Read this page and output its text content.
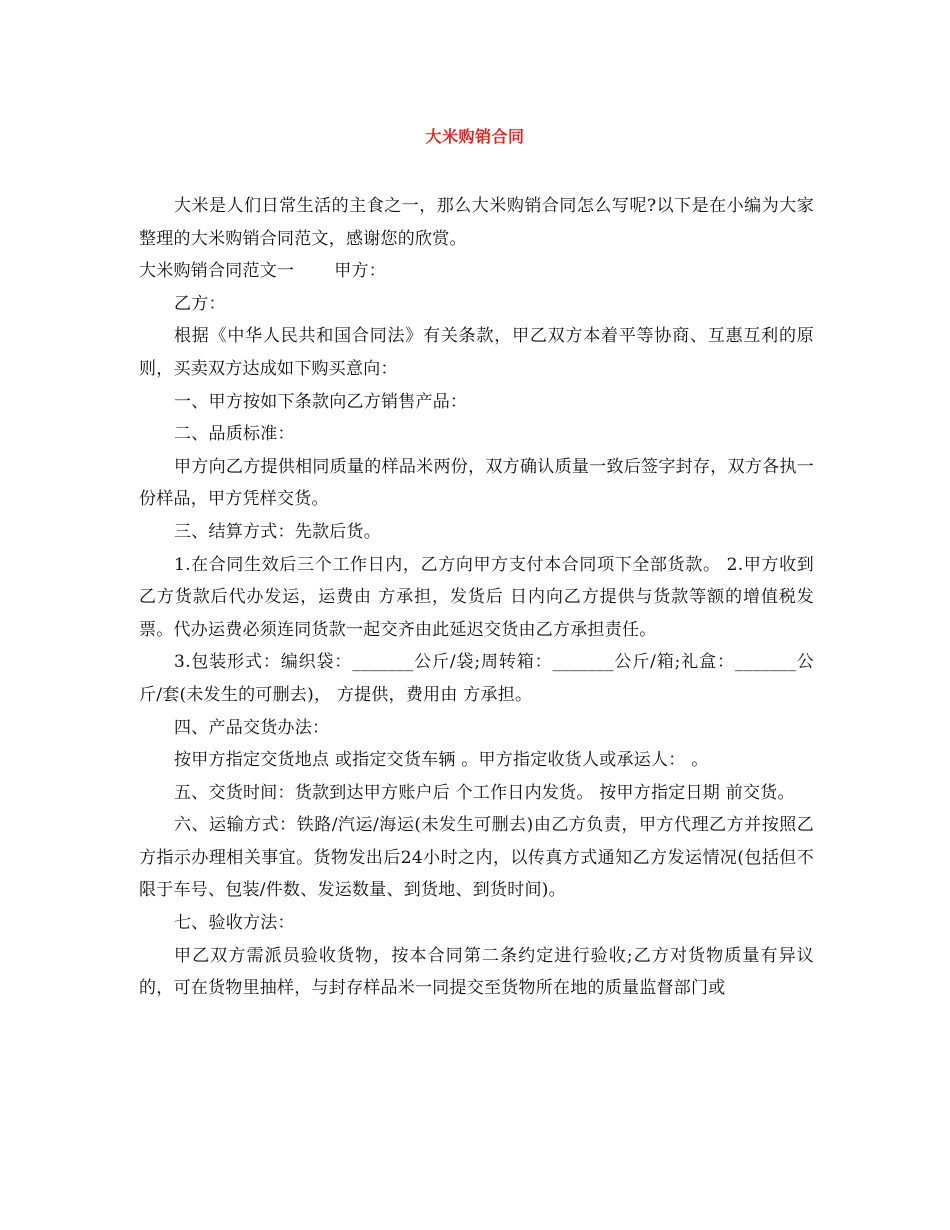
大米购销合同

大米是人们日常生活的主食之一，那么大米购销合同怎么写呢?以下是在小编为大家整理的大米购销合同范文，感谢您的欣赏。

大米购销合同范文一 甲方：

乙方：

根据《中华人民共和国合同法》有关条款，甲乙双方本着平等协商、互惠互利的原则，买卖双方达成如下购买意向：

一、甲方按如下条款向乙方销售产品：

二、品质标准：

甲方向乙方提供相同质量的样品米两份，双方确认质量一致后签字封存，双方各执一份样品，甲方凭样交货。

三、结算方式：先款后货。

1.在合同生效后三个工作日内，乙方向甲方支付本合同项下全部货款。 2.甲方收到乙方货款后代办发运，运费由 方承担，发货后 日内向乙方提供与货款等额的增值税发票。代办运费必须连同货款一起交齐由此延迟交货由乙方承担责任。

3.包装形式：编织袋：_______公斤/袋;周转箱：_______公斤/箱;礼盒：_______公斤/套(未发生的可删去)， 方提供，费用由 方承担。

四、产品交货办法：

按甲方指定交货地点 或指定交货车辆 。甲方指定收货人或承运人： 。

五、交货时间：货款到达甲方账户后 个工作日内发货。 按甲方指定日期 前交货。

六、运输方式：铁路/汽运/海运(未发生可删去)由乙方负责，甲方代理乙方并按照乙方指示办理相关事宜。货物发出后24小时之内，以传真方式通知乙方发运情况(包括但不限于车号、包装/件数、发运数量、到货地、到货时间)。

七、验收方法：

甲乙双方需派员验收货物，按本合同第二条约定进行验收;乙方对货物质量有异议的，可在货物里抽样，与封存样品米一同提交至货物所在地的质量监督部门或
